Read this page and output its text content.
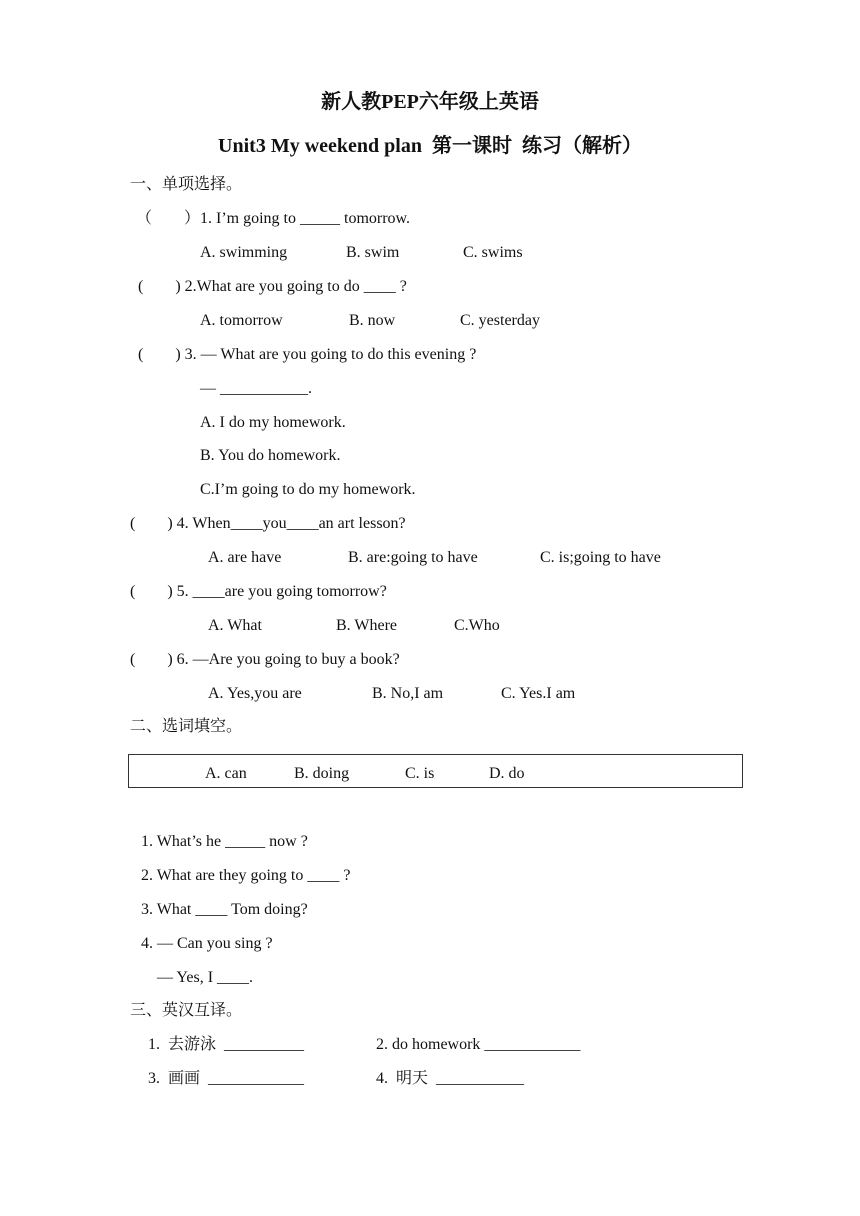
新人教PEP六年级上英语
Unit3 My weekend plan  第一课时  练习（解析）
一、单项选择。
（　　）1. I’m going to _____ tomorrow.
A. swimming	B. swim	C. swims
(　　) 2.What are you going to do ____ ?
A. tomorrow	B. now	C. yesterday
(　　) 3. — What are you going to do this evening ?
— ___________.
A. I do my homework.
B. You do homework.
C.I’m going to do my homework.
(　　) 4. When____you____an art lesson?
A. are have	B. are:going to have	C. is;going to have
(　　) 5. ____are you going tomorrow?
A. What	B. Where	C.Who
(　　) 6. —Are you going to buy a book?
A. Yes,you are	B. No,I am	C. Yes.I am
二、选词填空。
A. can	B. doing	C. is	D. do
1. What’s he _____ now ?
2. What are they going to ____ ?
3. What ____ Tom doing?
4. — Can you sing ?
— Yes, I ____.
三、英汉互译。
1.  去游泳  __________	2. do homework ____________
3.  画画  ____________	4.  明天  ___________
